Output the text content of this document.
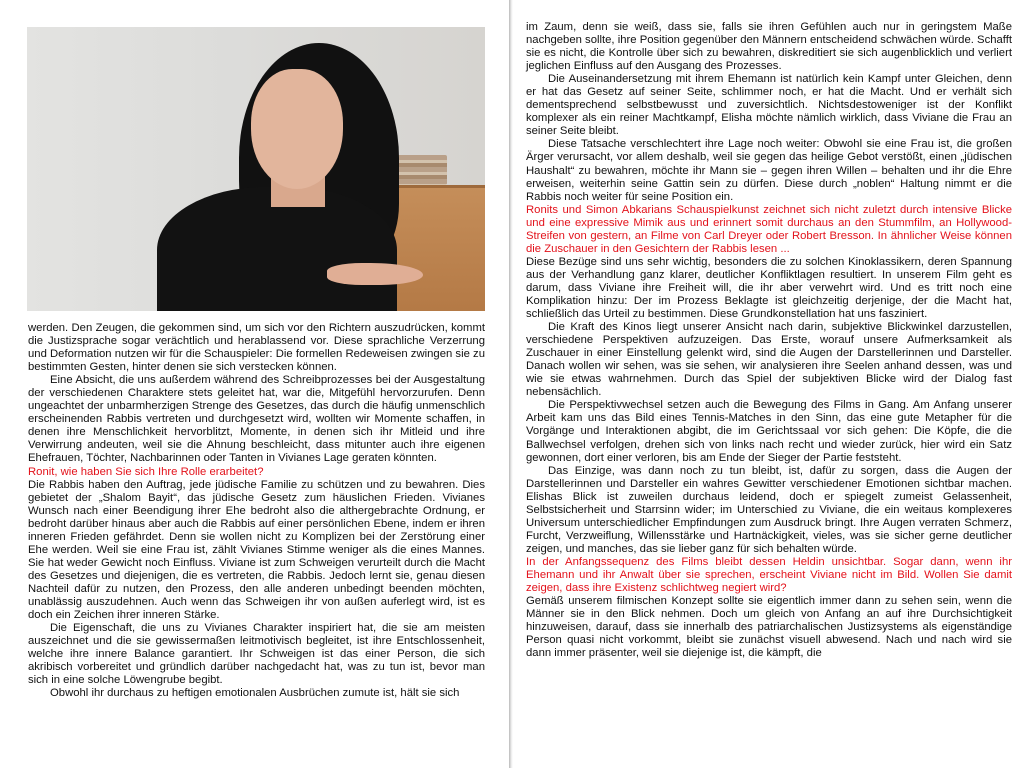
werden. Den Zeugen, die gekommen sind, um sich vor den Richtern auszudrücken, kommt die Justizsprache sogar verächtlich und herablassend vor. Diese sprachliche Verzerrung und Deformation nutzen wir für die Schauspieler: Die formellen Redeweisen zwingen sie zu bestimmten Gesten, hinter denen sie sich verstecken können.

Eine Absicht, die uns außerdem während des Schreibprozesses bei der Ausgestaltung der verschiedenen Charaktere stets geleitet hat, war die, Mitgefühl hervorzurufen. Denn ungeachtet der unbarmherzigen Strenge des Gesetzes, das durch die häufig unmenschlich erscheinenden Rabbis vertreten und durchgesetzt wird, wollten wir Momente schaffen, in denen ihre Menschlichkeit hervorblitzt, Momente, in denen sich ihr Mitleid und ihre Verwirrung andeuten, weil sie die Ahnung beschleicht, dass mitunter auch ihre eigenen Ehefrauen, Töchter, Nachbarinnen oder Tanten in Vivianes Lage geraten könnten.

Ronit, wie haben Sie sich Ihre Rolle erarbeitet?

Die Rabbis haben den Auftrag, jede jüdische Familie zu schützen und zu bewahren. Dies gebietet der „Shalom Bayit“, das jüdische Gesetz zum häuslichen Frieden. Vivianes Wunsch nach einer Beendigung ihrer Ehe bedroht also die althergebrachte Ordnung, er bedroht darüber hinaus aber auch die Rabbis auf einer persönlichen Ebene, indem er ihren inneren Frieden gefährdet. Denn sie wollen nicht zu Komplizen bei der Zerstörung einer Ehe werden. Weil sie eine Frau ist, zählt Vivianes Stimme weniger als die eines Mannes. Sie hat weder Gewicht noch Einfluss. Viviane ist zum Schweigen verurteilt durch die Macht des Gesetzes und diejenigen, die es vertreten, die Rabbis. Jedoch lernt sie, genau diesen Nachteil dafür zu nutzen, den Prozess, den alle anderen unbedingt beenden möchten, unablässig auszudehnen. Auch wenn das Schweigen ihr von außen auferlegt wird, ist es doch ein Zeichen ihrer inneren Stärke.

Die Eigenschaft, die uns zu Vivianes Charakter inspiriert hat, die sie am meisten auszeichnet und die sie gewissermaßen leitmotivisch begleitet, ist ihre Entschlossenheit, welche ihre innere Balance garantiert. Ihr Schweigen ist das einer Person, die sich akribisch vorbereitet und gründlich darüber nachgedacht hat, was zu tun ist, bevor man sich in eine solche Löwengrube begibt.

Obwohl ihr durchaus zu heftigen emotionalen Ausbrüchen zumute ist, hält sie sich

im Zaum, denn sie weiß, dass sie, falls sie ihren Gefühlen auch nur in geringstem Maße nachgeben sollte, ihre Position gegenüber den Männern entscheidend schwächen würde. Schafft sie es nicht, die Kontrolle über sich zu bewahren, diskreditiert sie sich augenblicklich und verliert jeglichen Einfluss auf den Ausgang des Prozesses.

Die Auseinandersetzung mit ihrem Ehemann ist natürlich kein Kampf unter Gleichen, denn er hat das Gesetz auf seiner Seite, schlimmer noch, er hat die Macht. Und er verhält sich dementsprechend selbstbewusst und zuversichtlich. Nichtsdestoweniger ist der Konflikt komplexer als ein reiner Machtkampf, Elisha möchte nämlich wirklich, dass Viviane die Frau an seiner Seite bleibt.

Diese Tatsache verschlechtert ihre Lage noch weiter: Obwohl sie eine Frau ist, die großen Ärger verursacht, vor allem deshalb, weil sie gegen das heilige Gebot verstößt, einen „jüdischen Haushalt“ zu bewahren, möchte ihr Mann sie – gegen ihren Willen – behalten und ihr die Ehre erweisen, weiterhin seine Gattin sein zu dürfen. Diese durch „noblen“ Haltung nimmt er die Rabbis noch weiter für seine Position ein.

Ronits und Simon Abkarians Schauspielkunst zeichnet sich nicht zuletzt durch intensive Blicke und eine expressive Mimik aus und erinnert somit durchaus an den Stummfilm, an Hollywood-Streifen von gestern, an Filme von Carl Dreyer oder Robert Bresson. In ähnlicher Weise können die Zuschauer in den Gesichtern der Rabbis lesen ...

Diese Bezüge sind uns sehr wichtig, besonders die zu solchen Kinoklassikern, deren Spannung aus der Verhandlung ganz klarer, deutlicher Konfliktlagen resultiert. In unserem Film geht es darum, dass Viviane ihre Freiheit will, die ihr aber verwehrt wird. Und es tritt noch eine Komplikation hinzu: Der im Prozess Beklagte ist gleichzeitig derjenige, der die Macht hat, schließlich das Urteil zu bestimmen. Diese Grundkonstellation hat uns fasziniert.

Die Kraft des Kinos liegt unserer Ansicht nach darin, subjektive Blickwinkel darzustellen, verschiedene Perspektiven aufzuzeigen. Das Erste, worauf unsere Aufmerksamkeit als Zuschauer in einer Einstellung gelenkt wird, sind die Augen der Darstellerinnen und Darsteller. Danach wollen wir sehen, was sie sehen, wir analysieren ihre Seelen anhand dessen, was und wie sie etwas wahrnehmen. Durch das Spiel der subjektiven Blicke wird der Dialog fast nebensächlich.

Die Perspektivwechsel setzen auch die Bewegung des Films in Gang. Am Anfang unserer Arbeit kam uns das Bild eines Tennis-Matches in den Sinn, das eine gute Metapher für die Vorgänge und Interaktionen abgibt, die im Gerichtssaal vor sich gehen: Die Köpfe, die die Ballwechsel verfolgen, drehen sich von links nach recht und wieder zurück, hier wird ein Satz gewonnen, dort einer verloren, bis am Ende der Sieger der Partie feststeht.

Das Einzige, was dann noch zu tun bleibt, ist, dafür zu sorgen, dass die Augen der Darstellerinnen und Darsteller ein wahres Gewitter verschiedener Emotionen sichtbar machen. Elishas Blick ist zuweilen durchaus leidend, doch er spiegelt zumeist Gelassenheit, Selbstsicherheit und Starrsinn wider; im Unterschied zu Viviane, die ein weitaus komplexeres Universum unterschiedlicher Empfindungen zum Ausdruck bringt. Ihre Augen verraten Schmerz, Furcht, Verzweiflung, Willensstärke und Hartnäckigkeit, vieles, was sie sicher gerne deutlicher zeigen, und manches, das sie lieber ganz für sich behalten würde.

In der Anfangssequenz des Films bleibt dessen Heldin unsichtbar. Sogar dann, wenn ihr Ehemann und ihr Anwalt über sie sprechen, erscheint Viviane nicht im Bild. Wollen Sie damit zeigen, dass ihre Existenz schlichtweg negiert wird?

Gemäß unserem filmischen Konzept sollte sie eigentlich immer dann zu sehen sein, wenn die Männer sie in den Blick nehmen. Doch um gleich von Anfang an auf ihre Durchsichtigkeit hinzuweisen, darauf, dass sie innerhalb des patriarchalischen Justizsystems als eigenständige Person quasi nicht vorkommt, bleibt sie zunächst visuell abwesend. Nach und nach wird sie dann immer präsenter, weil sie diejenige ist, die kämpft, die
